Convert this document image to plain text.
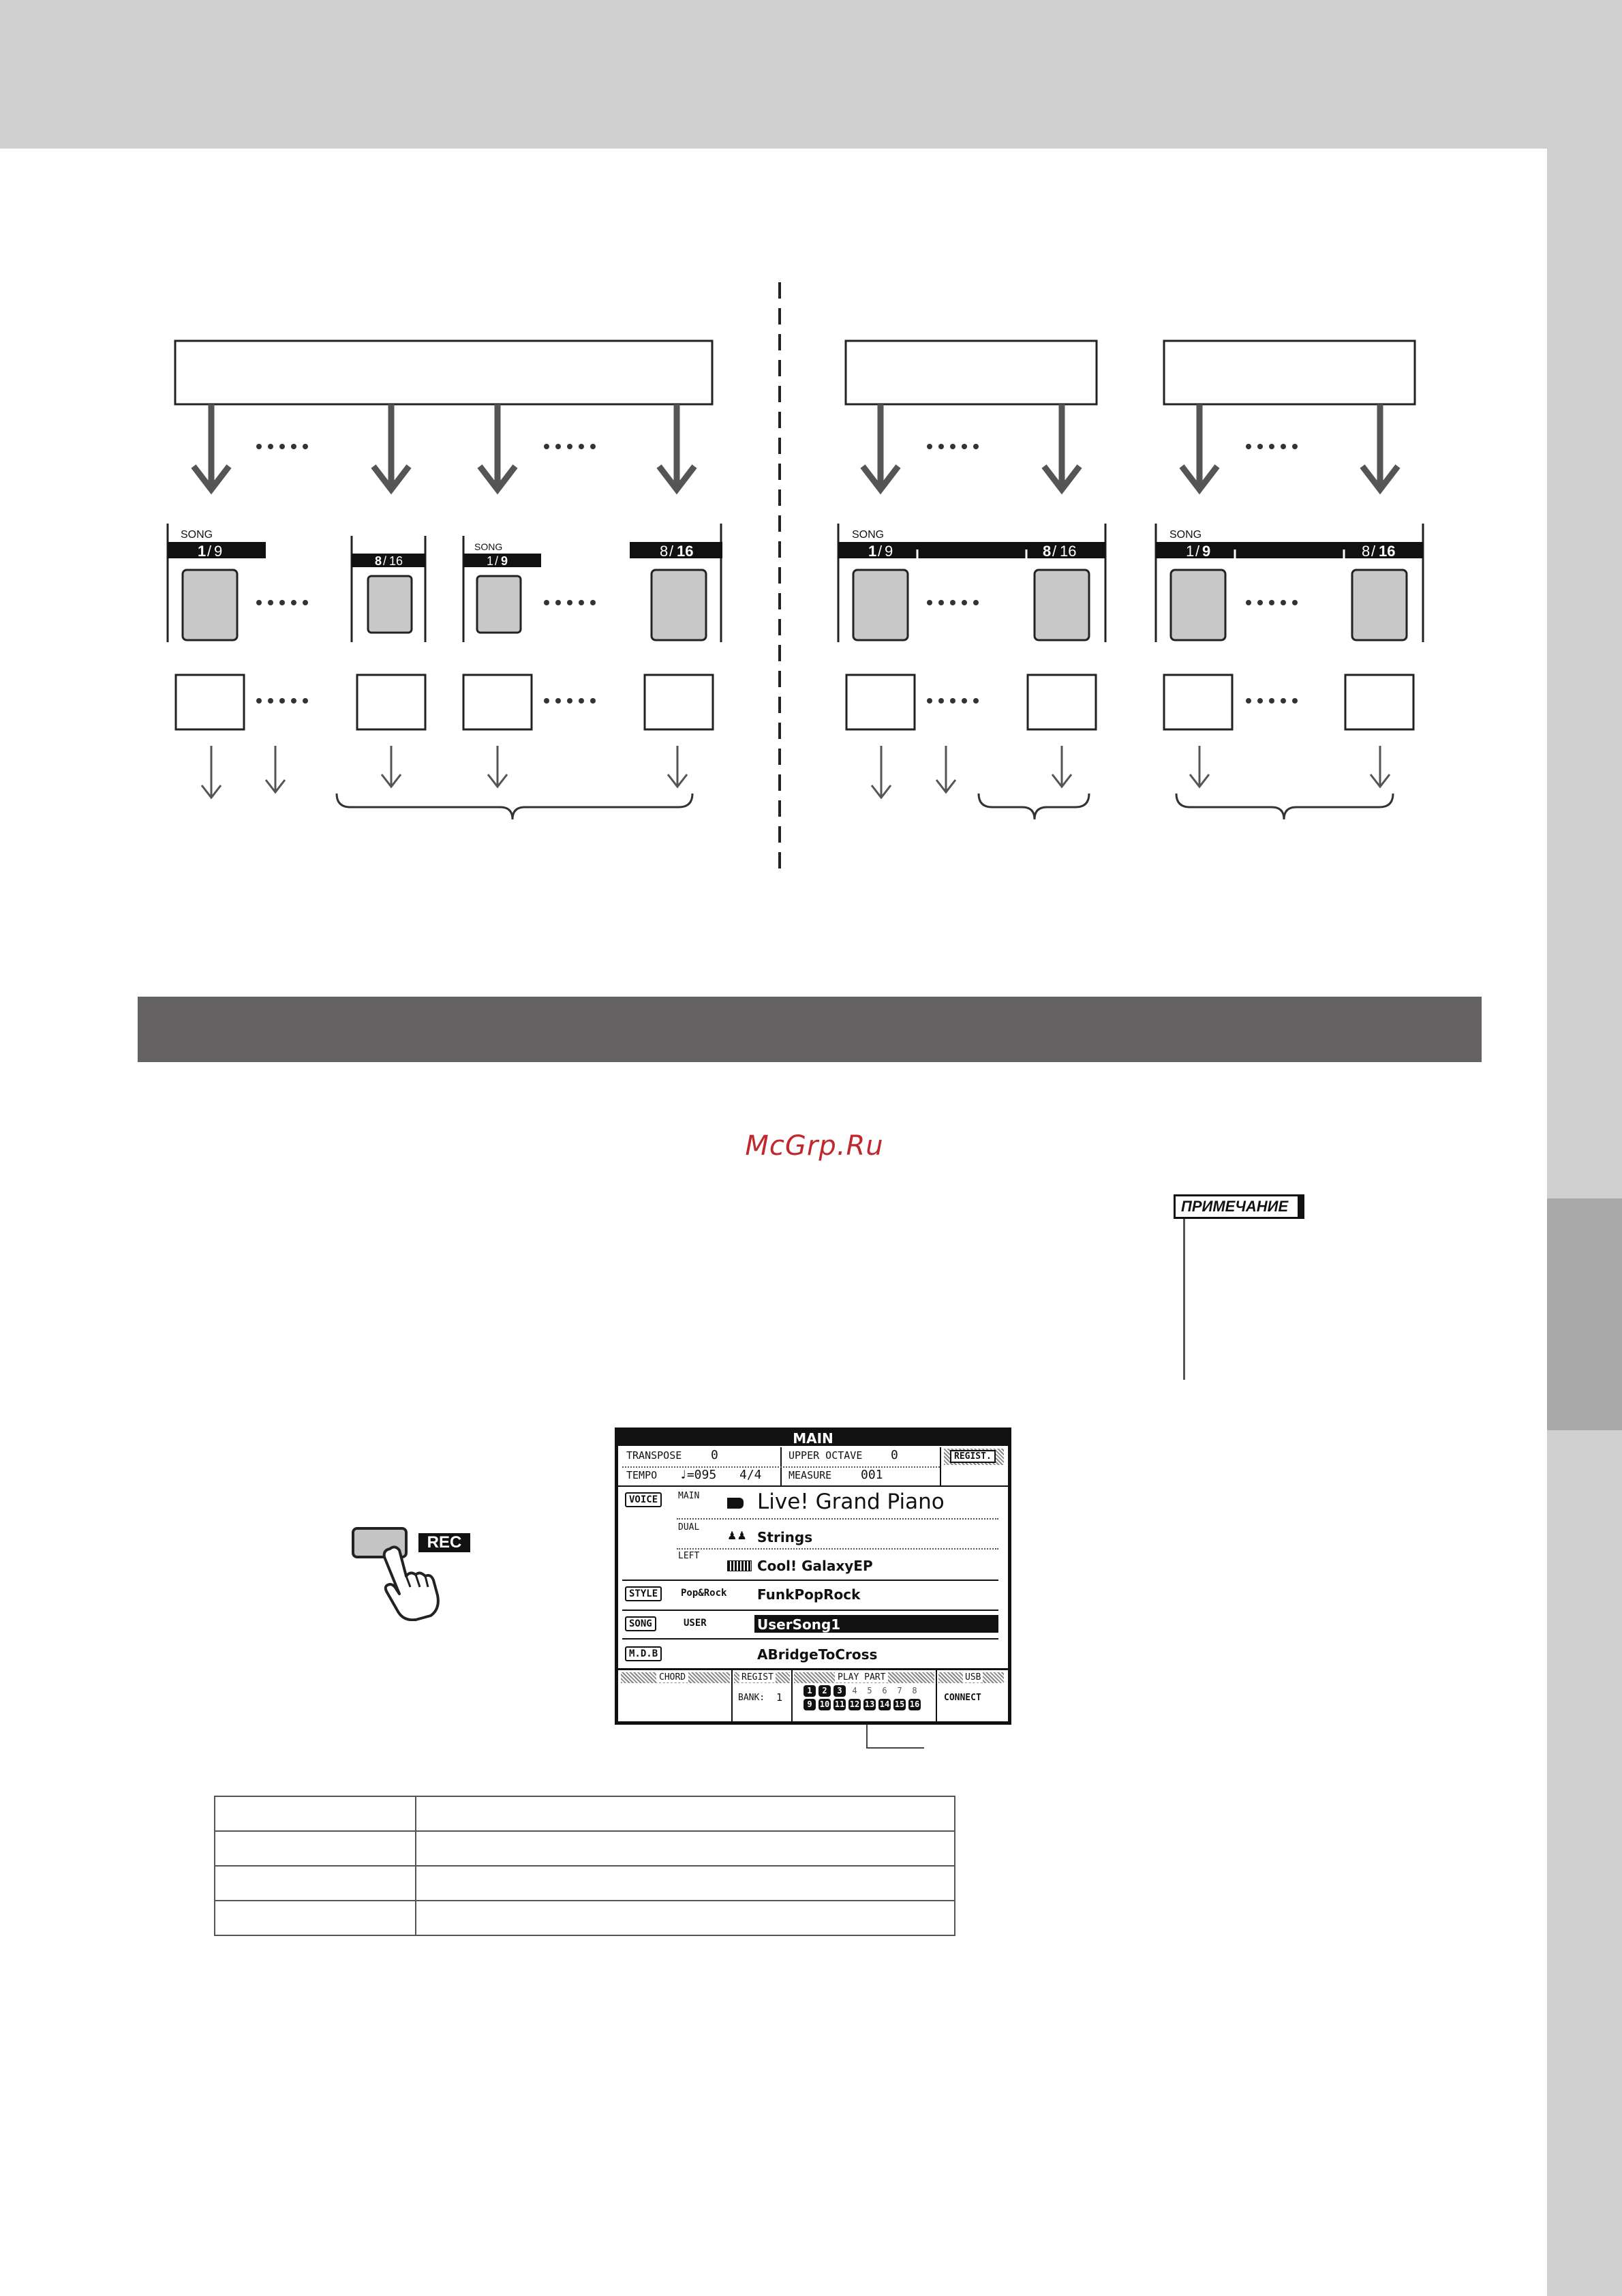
SONG
1 / 9
8 / 16
SONG
1 / 9
8 / 16
SONG
1 / 9	8 / 16
SONG
1 / 9	8 / 16
McGrp.Ru
ПРИМЕЧАНИЕ
REC
MAIN
TRANSPOSE 0	UPPER OCTAVE 0	REGIST.
TEMPO ♩=095 4/4	MEASURE 001
VOICE	MAIN	Live! Grand Piano
DUAL
♟♟ Strings
LEFT
Cool! GalaxyEP
STYLE	Pop&Rock FunkPopRock
SONG	USER	UserSong1
M.D.B	ABridgeToCross
CHORD	REGIST
BANK: 1
PLAY PART	USB
CONNECT
1	2	3	4	5	6	7	8
9 10 11 12 13 14 15 16
